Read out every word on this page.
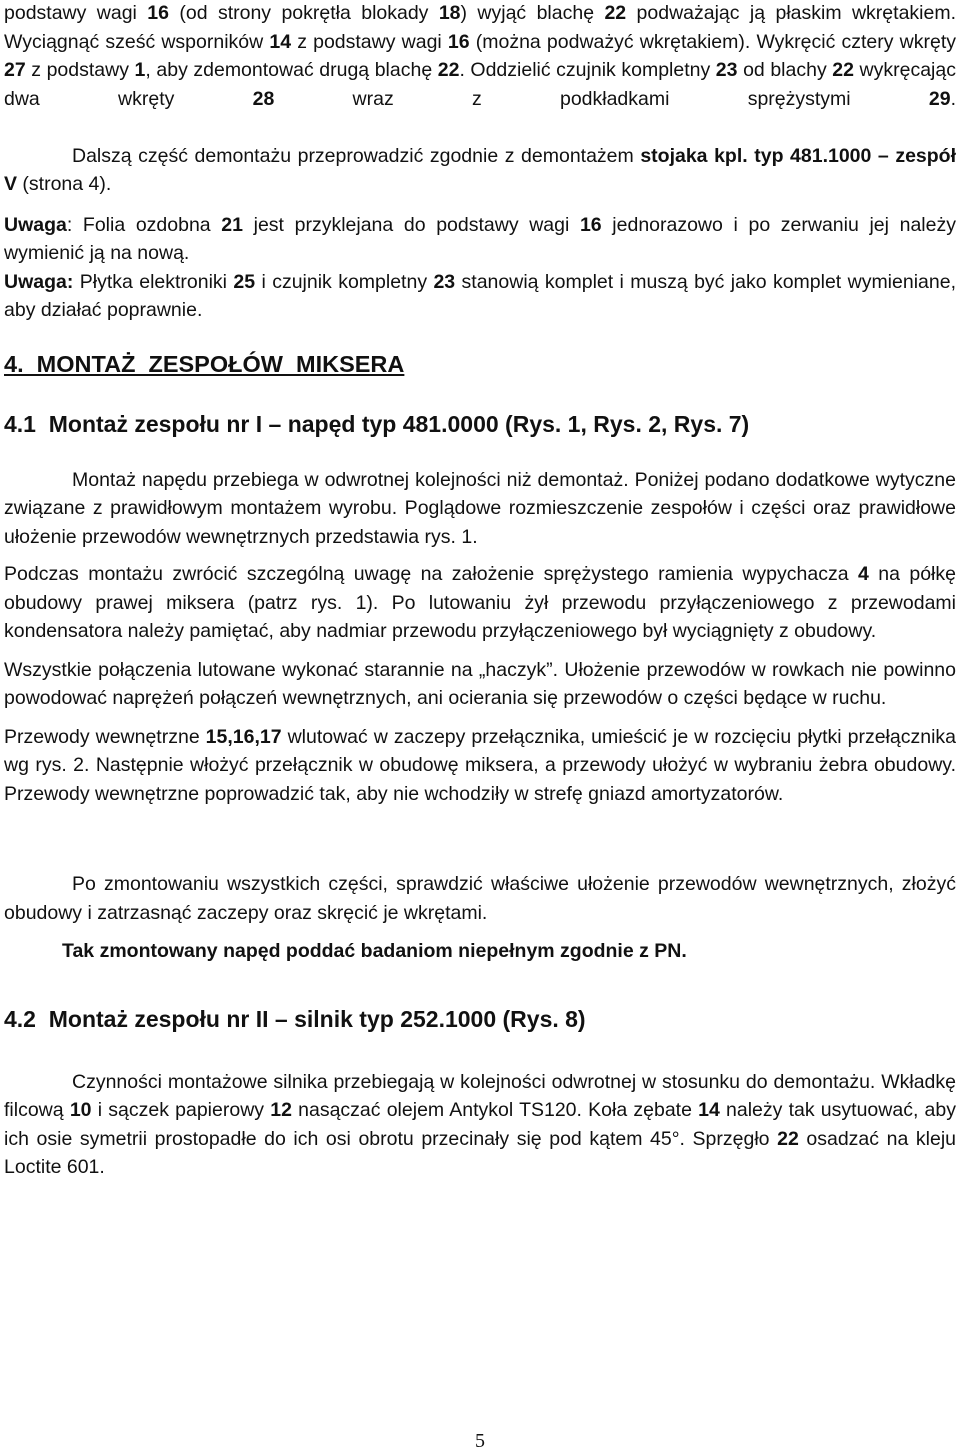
podstawy wagi 16 (od strony pokrętła blokady 18) wyjąć blachę 22 podważając ją płaskim wkrętakiem. Wyciągnąć sześć wsporników 14 z podstawy wagi 16 (można podważyć wkrętakiem). Wykręcić cztery wkręty 27 z podstawy 1, aby zdemontować drugą blachę 22. Oddzielić czujnik kompletny 23 od blachy 22 wykręcając dwa wkręty 28 wraz z podkładkami sprężystymi 29.

Dalszą część demontażu przeprowadzić zgodnie z demontażem stojaka kpl. typ 481.1000 – zespół V (strona 4).

Uwaga: Folia ozdobna 21 jest przyklejana do podstawy wagi 16 jednorazowo i po zerwaniu jej należy wymienić ją na nową.

Uwaga: Płytka elektroniki 25 i czujnik kompletny 23 stanowią komplet i muszą być jako komplet wymieniane, aby działać poprawnie.

4.  MONTAŻ  ZESPOŁÓW  MIKSERA
4.1  Montaż zespołu nr I – napęd typ 481.0000 (Rys. 1, Rys. 2, Rys. 7)

Montaż napędu przebiega w odwrotnej kolejności niż demontaż. Poniżej podano dodatkowe wytyczne związane z prawidłowym montażem wyrobu. Poglądowe rozmieszczenie zespołów i części oraz prawidłowe ułożenie przewodów wewnętrznych przedstawia rys. 1.

Podczas montażu zwrócić szczególną uwagę na założenie sprężystego ramienia wypychacza 4 na półkę obudowy prawej miksera (patrz rys. 1). Po lutowaniu żył przewodu przyłączeniowego z przewodami kondensatora należy pamiętać, aby nadmiar przewodu przyłączeniowego był wyciągnięty z obudowy.

Wszystkie połączenia lutowane wykonać starannie na „haczyk”. Ułożenie przewodów w rowkach nie powinno powodować naprężeń połączeń wewnętrznych, ani ocierania się przewodów o części będące w ruchu.

Przewody wewnętrzne 15,16,17 wlutować w zaczepy przełącznika, umieścić je w rozcięciu płytki przełącznika wg rys. 2. Następnie włożyć przełącznik w obudowę miksera, a przewody ułożyć w wybraniu żebra obudowy. Przewody wewnętrzne poprowadzić tak, aby nie wchodziły w strefę gniazd amortyzatorów.

Po zmontowaniu wszystkich części, sprawdzić właściwe ułożenie przewodów wewnętrznych, złożyć obudowy i zatrzasnąć zaczepy oraz skręcić je wkrętami.

Tak zmontowany napęd poddać badaniom niepełnym zgodnie z PN.

4.2  Montaż zespołu nr II – silnik typ 252.1000 (Rys. 8)

Czynności montażowe silnika przebiegają w kolejności odwrotnej w stosunku do demontażu. Wkładkę filcową 10 i sączek papierowy 12 nasączać olejem Antykol TS120. Koła zębate 14 należy tak usytuować, aby ich osie symetrii prostopadłe do ich osi obrotu przecinały się pod kątem 45°. Sprzęgło 22 osadzać na kleju Loctite 601.

5
